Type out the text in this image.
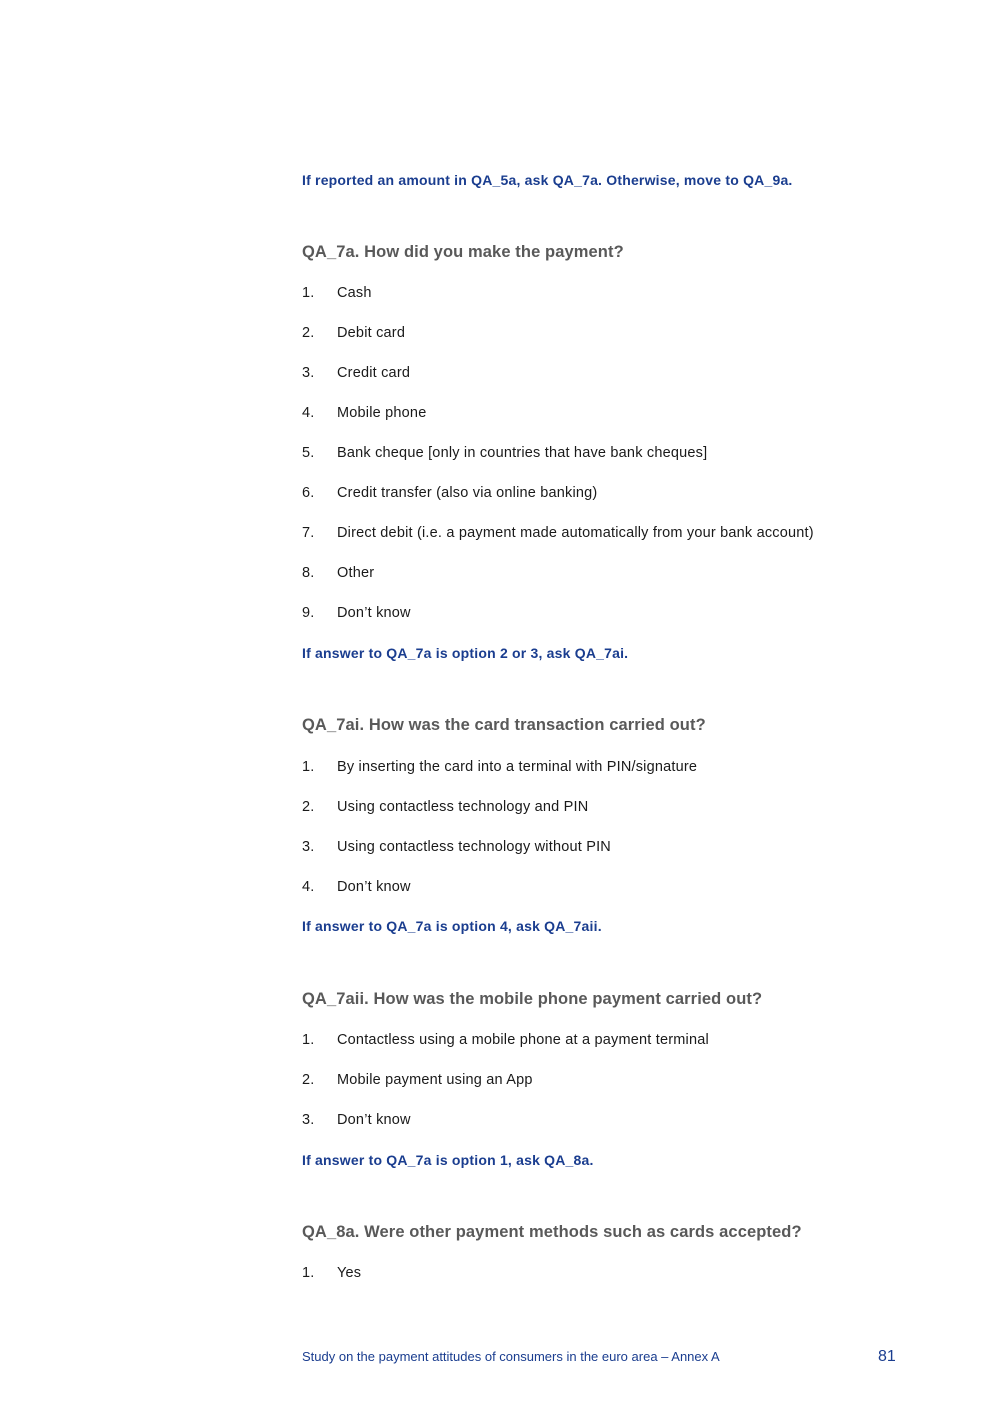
If reported an amount in QA_5a, ask QA_7a. Otherwise, move to QA_9a.
QA_7a. How did you make the payment?
1. Cash
2. Debit card
3. Credit card
4. Mobile phone
5. Bank cheque [only in countries that have bank cheques]
6. Credit transfer (also via online banking)
7. Direct debit (i.e. a payment made automatically from your bank account)
8. Other
9. Don’t know
If answer to QA_7a is option 2 or 3, ask QA_7ai.
QA_7ai. How was the card transaction carried out?
1. By inserting the card into a terminal with PIN/signature
2. Using contactless technology and PIN
3. Using contactless technology without PIN
4. Don’t know
If answer to QA_7a is option 4, ask QA_7aii.
QA_7aii. How was the mobile phone payment carried out?
1. Contactless using a mobile phone at a payment terminal
2. Mobile payment using an App
3. Don’t know
If answer to QA_7a is option 1, ask QA_8a.
QA_8a. Were other payment methods such as cards accepted?
1. Yes
Study on the payment attitudes of consumers in the euro area – Annex A	81
